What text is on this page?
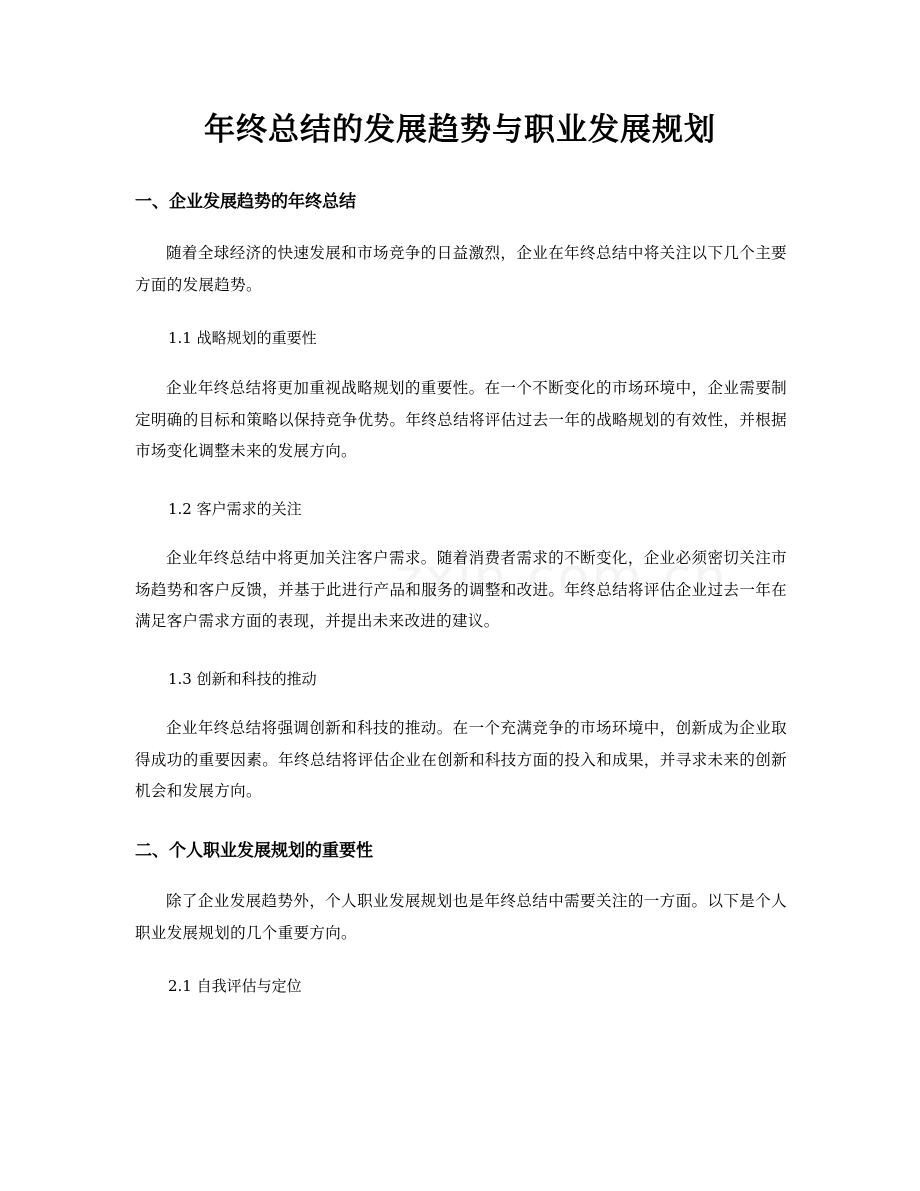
年终总结的发展趋势与职业发展规划
一、企业发展趋势的年终总结
随着全球经济的快速发展和市场竞争的日益激烈，企业在年终总结中将关注以下几个主要方面的发展趋势。
1.1 战略规划的重要性
企业年终总结将更加重视战略规划的重要性。在一个不断变化的市场环境中，企业需要制定明确的目标和策略以保持竞争优势。年终总结将评估过去一年的战略规划的有效性，并根据市场变化调整未来的发展方向。
1.2 客户需求的关注
企业年终总结中将更加关注客户需求。随着消费者需求的不断变化，企业必须密切关注市场趋势和客户反馈，并基于此进行产品和服务的调整和改进。年终总结将评估企业过去一年在满足客户需求方面的表现，并提出未来改进的建议。
1.3 创新和科技的推动
企业年终总结将强调创新和科技的推动。在一个充满竞争的市场环境中，创新成为企业取得成功的重要因素。年终总结将评估企业在创新和科技方面的投入和成果，并寻求未来的创新机会和发展方向。
二、个人职业发展规划的重要性
除了企业发展趋势外，个人职业发展规划也是年终总结中需要关注的一方面。以下是个人职业发展规划的几个重要方向。
2.1 自我评估与定位
